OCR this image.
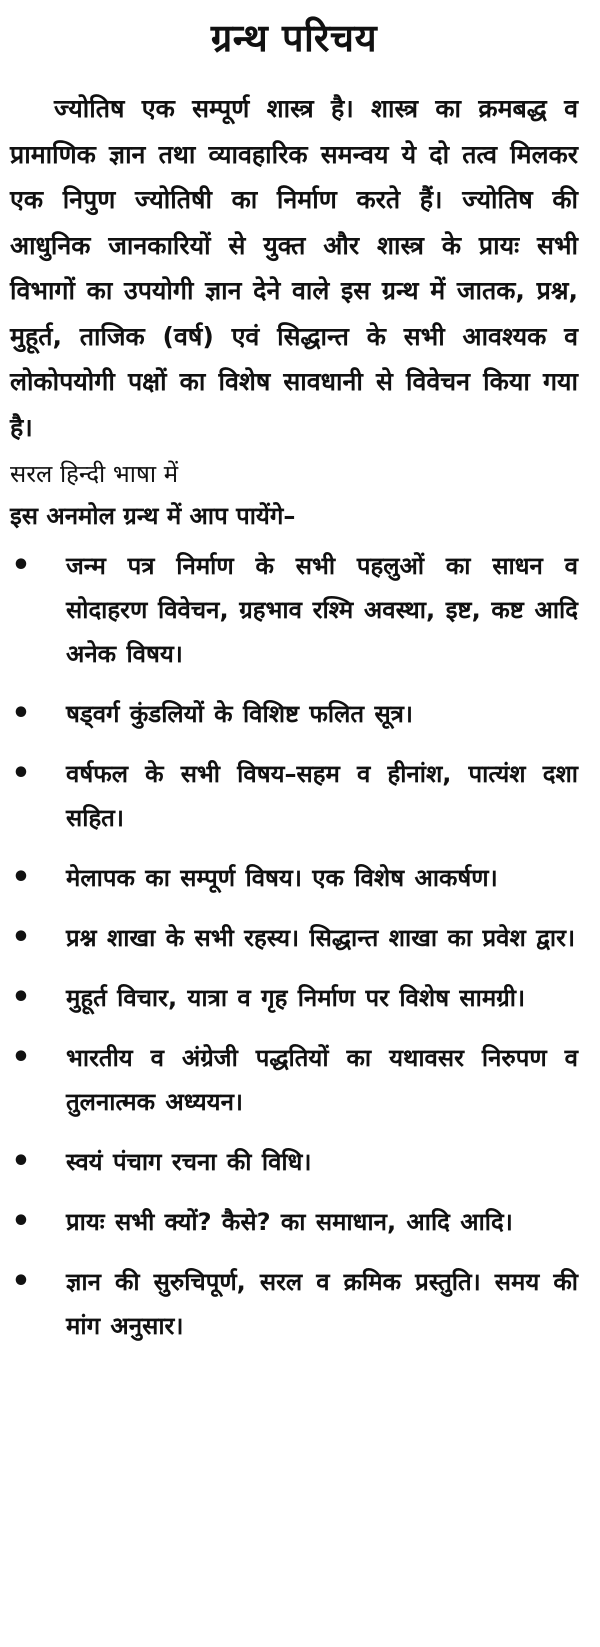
ग्रन्थ परिचय

ज्योतिष एक सम्पूर्ण शास्त्र है। शास्त्र का क्रमबद्ध व प्रामाणिक ज्ञान तथा व्यावहारिक समन्वय ये दो तत्व मिलकर एक निपुण ज्योतिषी का निर्माण करते हैं। ज्योतिष की आधुनिक जानकारियों से युक्त और शास्त्र के प्रायः सभी विभागों का उपयोगी ज्ञान देने वाले इस ग्रन्थ में जातक, प्रश्न, मुहूर्त, ताजिक (वर्ष) एवं सिद्धान्त के सभी आवश्यक व लोकोपयोगी पक्षों का विशेष सावधानी से विवेचन किया गया है।

सरल हिन्दी भाषा में

इस अनमोल ग्रन्थ में आप पायेंगे–

• जन्म पत्र निर्माण के सभी पहलुओं का साधन व सोदाहरण विवेचन, ग्रहभाव रश्मि अवस्था, इष्ट, कष्ट आदि अनेक विषय।
• षड्वर्ग कुंडलियों के विशिष्ट फलित सूत्र।
• वर्षफल के सभी विषय–सहम व हीनांश, पात्यंश दशा सहित।
• मेलापक का सम्पूर्ण विषय। एक विशेष आकर्षण।
• प्रश्न शाखा के सभी रहस्य। सिद्धान्त शाखा का प्रवेश द्वार।
• मुहूर्त विचार, यात्रा व गृह निर्माण पर विशेष सामग्री।
• भारतीय व अंग्रेजी पद्धतियों का यथावसर निरुपण व तुलनात्मक अध्ययन।
• स्वयं पंचाग रचना की विधि।
• प्रायः सभी क्यों? कैसे? का समाधान, आदि आदि।
• ज्ञान की सुरुचिपूर्ण, सरल व क्रमिक प्रस्तुति। समय की मांग अनुसार।
